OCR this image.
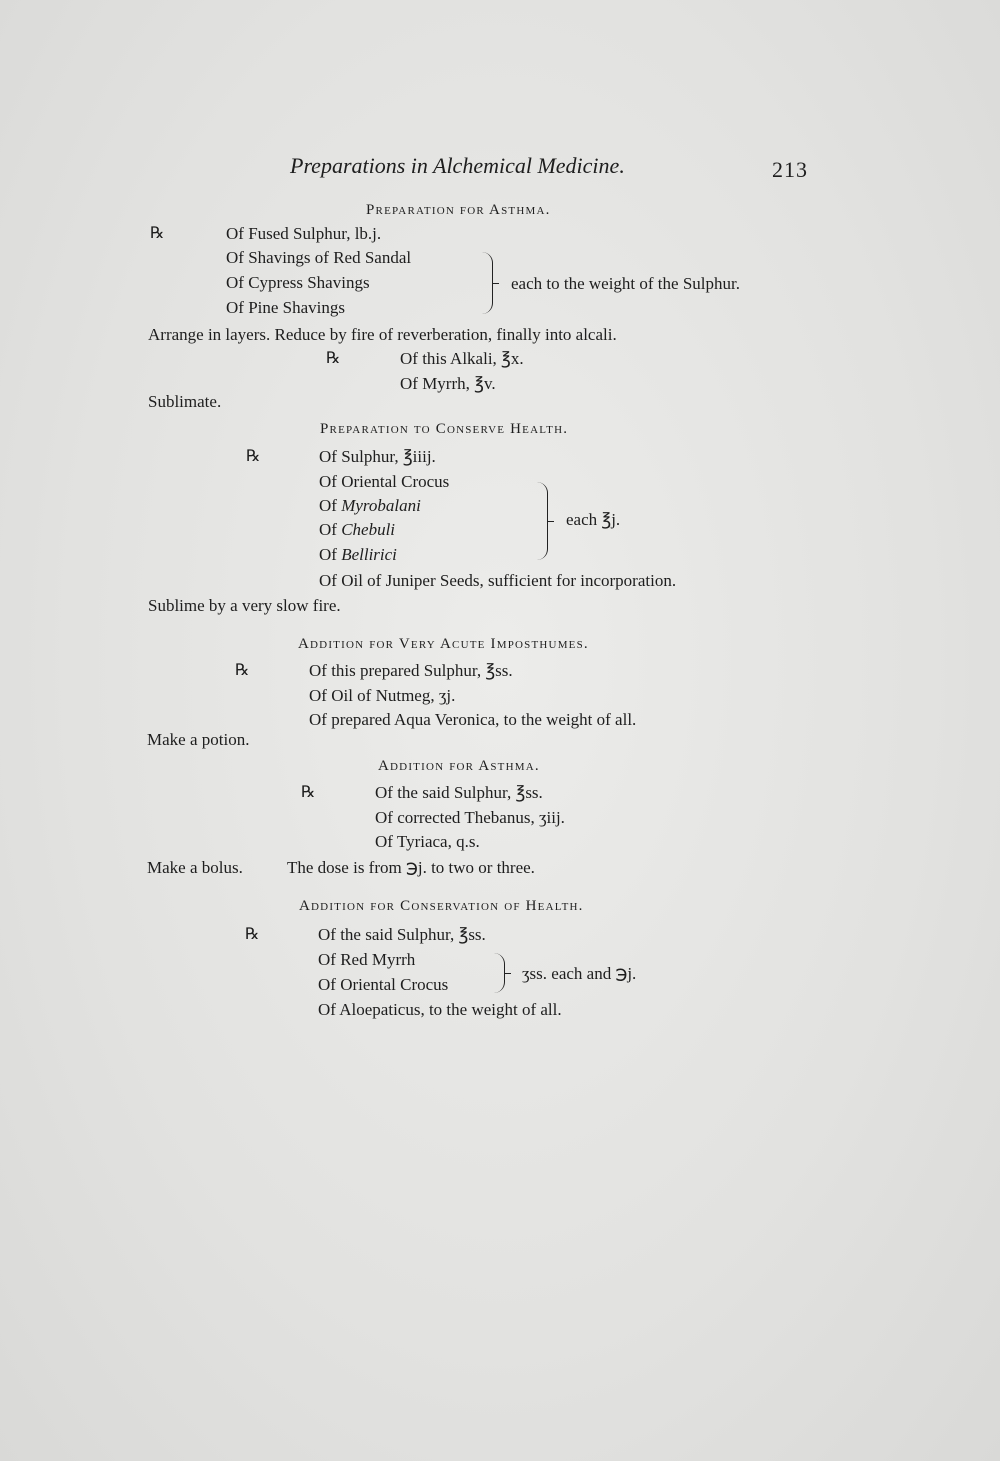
Preparations in Alchemical Medicine.	213
Preparation for Asthma.
℞	Of Fused Sulphur, lb.j.
Of Shavings of Red Sandal
Of Cypress Shavings
Of Pine Shavings
each to the weight of the Sulphur.
Arrange in layers. Reduce by fire of reverberation, finally into alcali.
℞	Of this Alkali, ℥x.
Of Myrrh, ℥v.
Sublimate.
Preparation to Conserve Health.
℞	Of Sulphur, ℥iiij.
Of Oriental Crocus
Of Myrobalani
Of Chebuli
Of Bellirici
each ℥j.
Of Oil of Juniper Seeds, sufficient for incorporation.
Sublime by a very slow fire.
Addition for Very Acute Imposthumes.
℞	Of this prepared Sulphur, ℥ss.
Of Oil of Nutmeg, ʒj.
Of prepared Aqua Veronica, to the weight of all.
Make a potion.
Addition for Asthma.
℞	Of the said Sulphur, ℥ss.
Of corrected Thebanus, ʒiij.
Of Tyriaca, q.s.
Make a bolus.	The dose is from ℈j. to two or three.
Addition for Conservation of Health.
℞	Of the said Sulphur, ℥ss.
Of Red Myrrh
Of Oriental Crocus
ʒss. each and ℈j.
Of Aloepaticus, to the weight of all.
